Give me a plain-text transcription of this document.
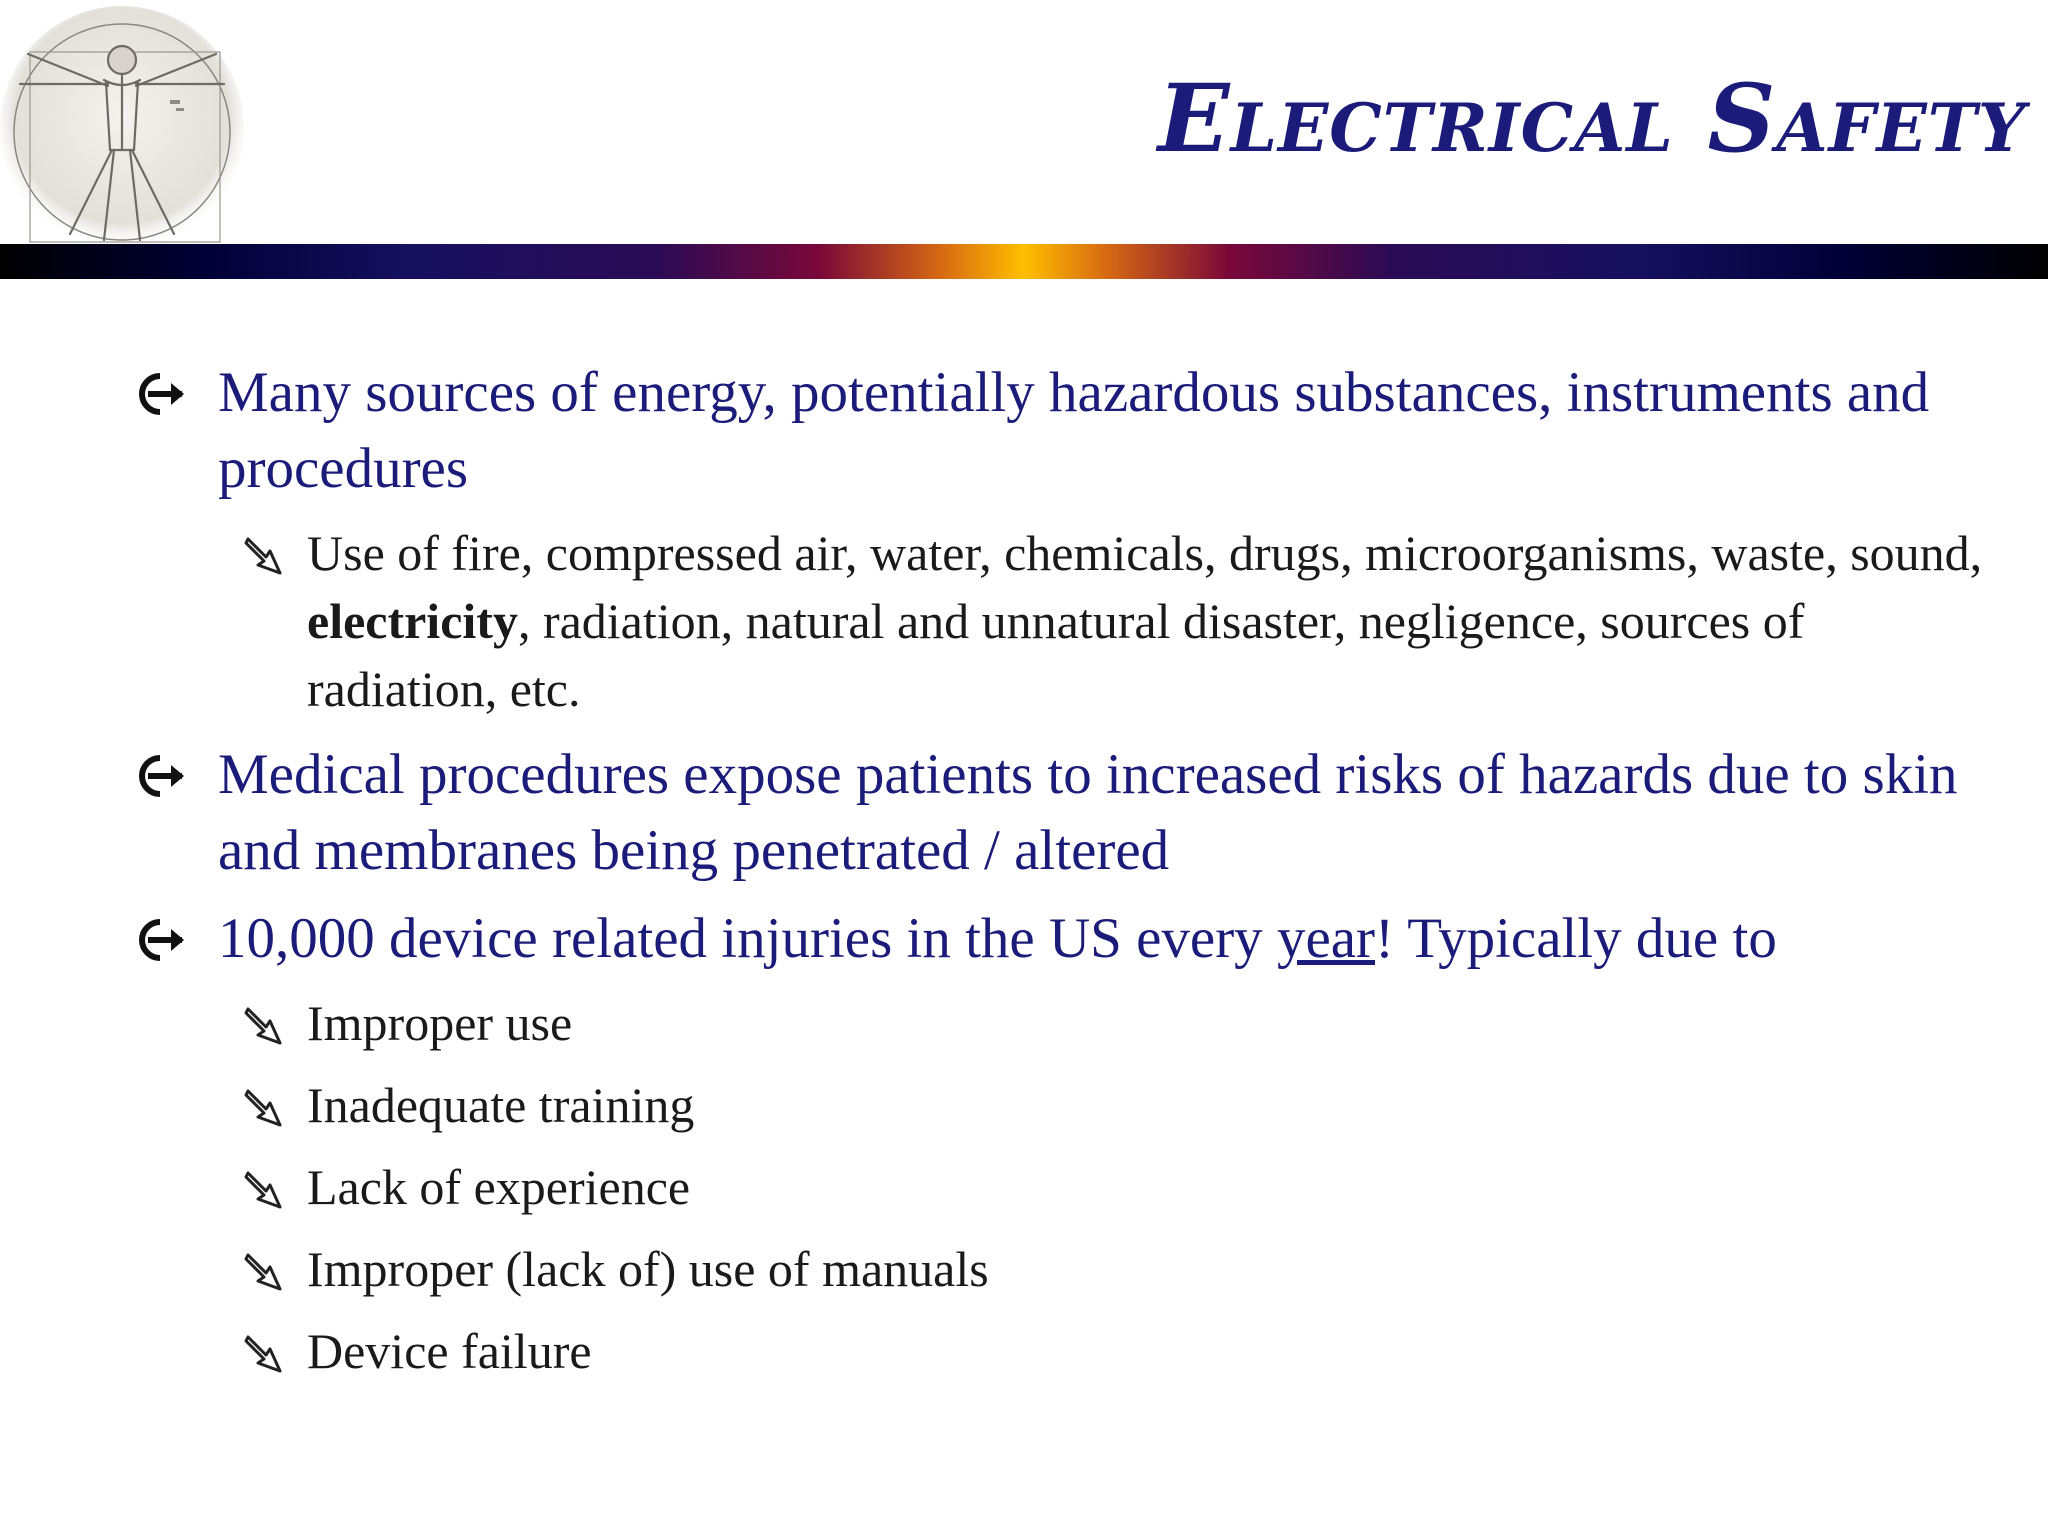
Electrical Safety
Many sources of energy, potentially hazardous substances, instruments and procedures
Use of fire, compressed air, water, chemicals, drugs, microorganisms, waste, sound, electricity, radiation, natural and unnatural disaster, negligence, sources of radiation, etc.
Medical procedures expose patients to increased risks of hazards due to skin and membranes being penetrated / altered
10,000 device related injuries in the US every year! Typically due to
Improper use
Inadequate training
Lack of experience
Improper (lack of) use of manuals
Device failure
